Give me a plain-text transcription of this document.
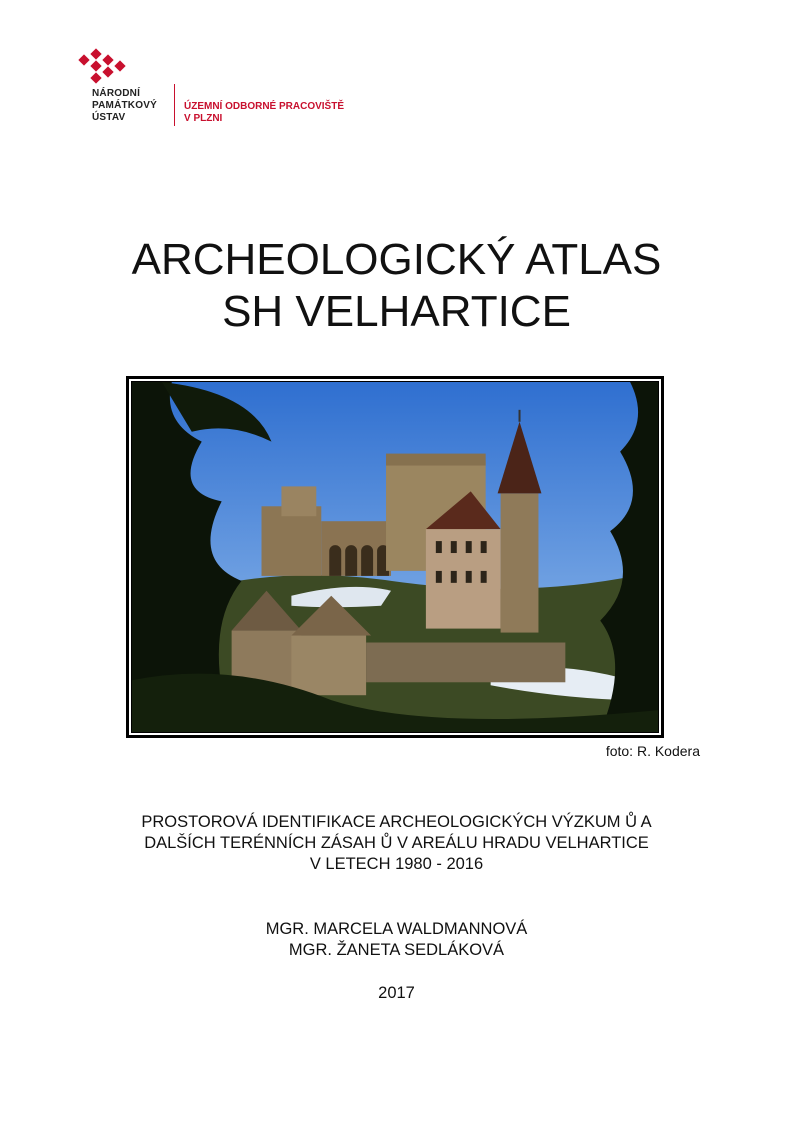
NÁRODNÍ
PAMÁTKOVÝ
ÚSTAV
ÚZEMNÍ ODBORNÉ PRACOVIŠTĚ
V PLZNI
ARCHEOLOGICKÝ ATLAS
SH VELHARTICE
foto: R. Kodera
PROSTOROVÁ IDENTIFIKACE ARCHEOLOGICKÝCH VÝZKUM Ů A
DALŠÍCH TERÉNNÍCH ZÁSAH Ů V AREÁLU HRADU VELHARTICE
V LETECH 1980 - 2016
MGR. MARCELA WALDMANNOVÁ
MGR. ŽANETA SEDLÁKOVÁ
2017
